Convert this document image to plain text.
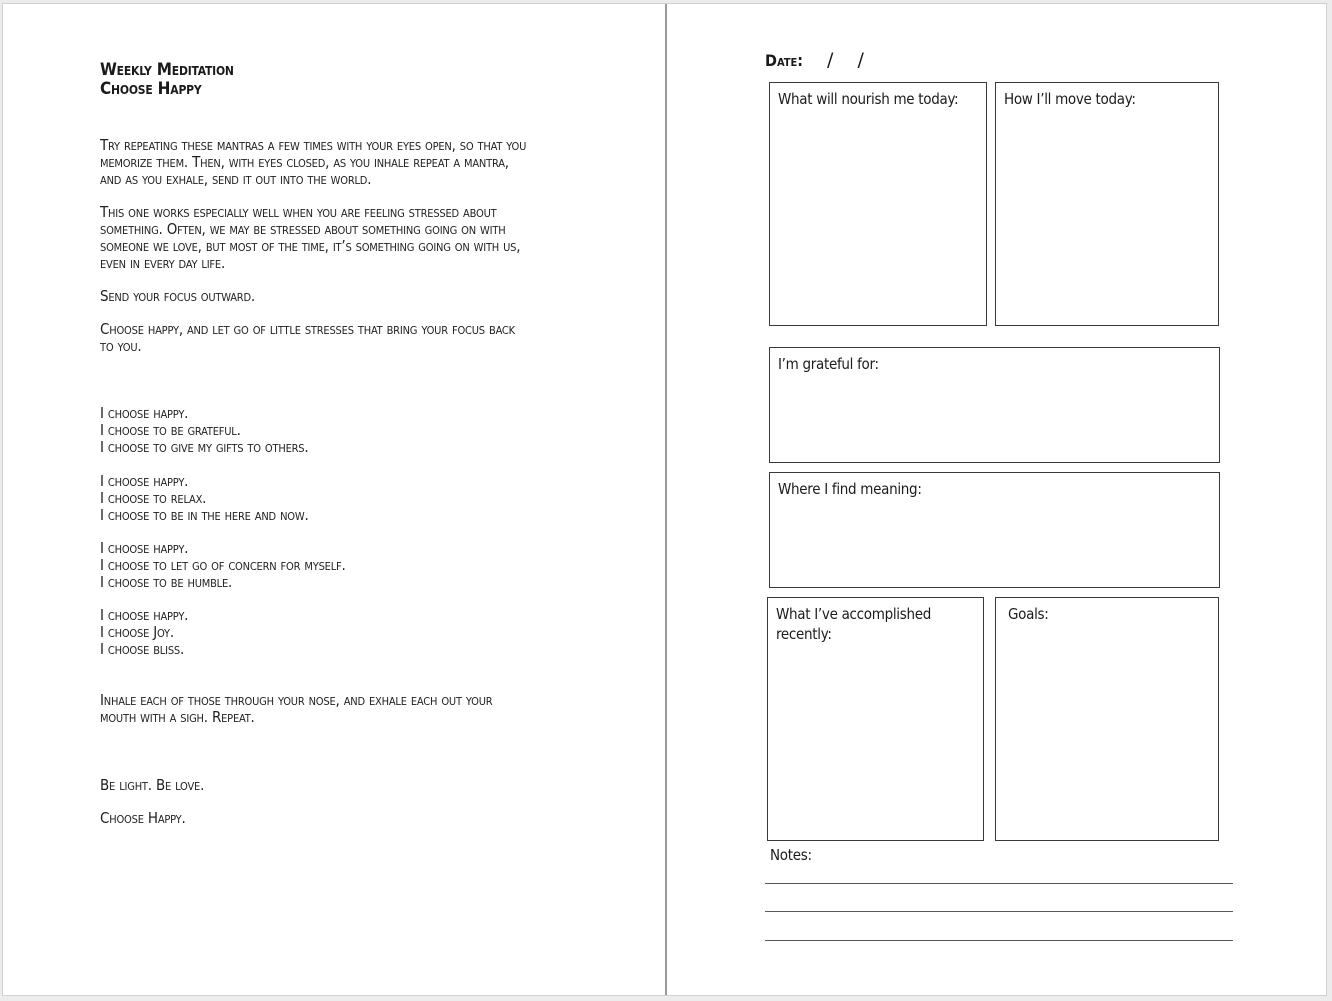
Weekly Meditation
Choose Happy

Try repeating these mantras a few times with your eyes open, so that you

memorize them. Then, with eyes closed, as you inhale repeat a mantra,

and as you exhale, send it out into the world.

This one works especially well when you are feeling stressed about

something. Often, we may be stressed about something going on with

someone we love, but most of the time, it’s something going on with us,

even in every day life.

Send your focus outward.

Choose happy, and let go of little stresses that bring your focus back

to you.

I choose happy.

I choose to be grateful.

I choose to give my gifts to others.

I choose happy.

I choose to relax.

I choose to be in the here and now.

I choose happy.

I choose to let go of concern for myself.

I choose to be humble.

I choose happy.

I choose Joy.

I choose bliss.

Inhale each of those through your nose, and exhale each out your

mouth with a sigh. Repeat.

Be light. Be love.

Choose Happy.

Date: / /
What will nourish me today:	How I’ll move today:
I’m grateful for:
Where I find meaning:
What I’ve accomplished
recently:
Goals:
Notes:
